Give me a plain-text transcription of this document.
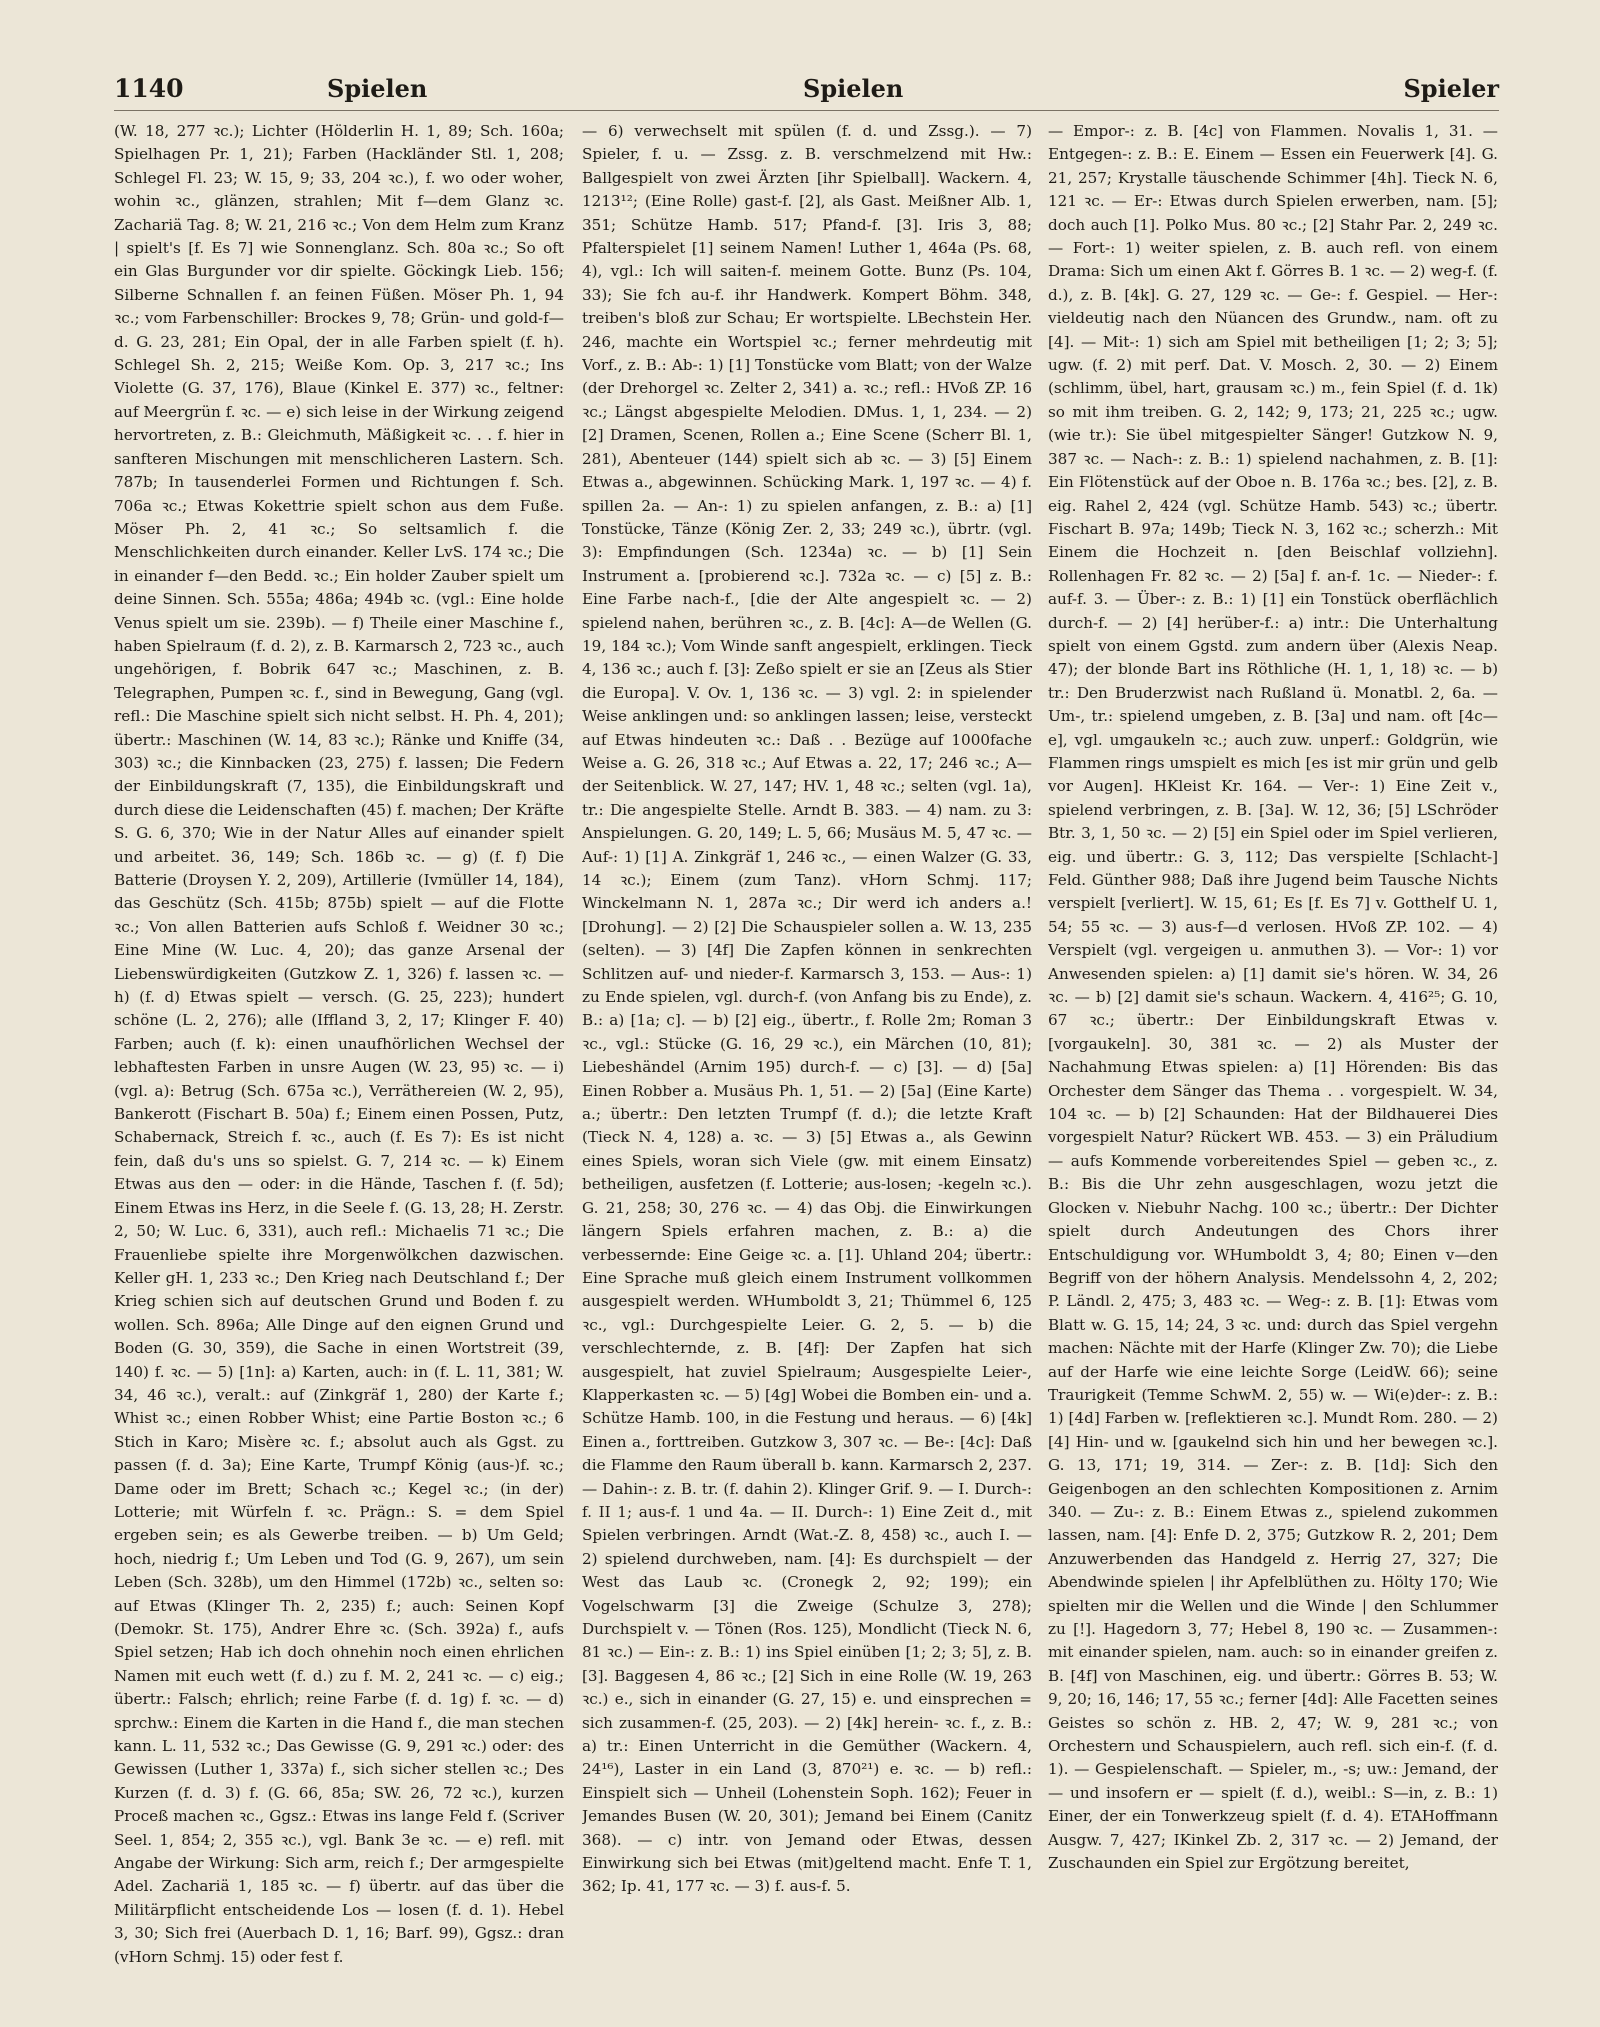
1140	Spielen	Spielen	Spieler

(W. 18, 277 ꝛc.); Lichter (Hölderlin H. 1, 89; Sch. 160a; Spielhagen Pr. 1, 21); Farben (Hackländer Stl. 1, 208; Schlegel Fl. 23; W. 15, 9; 33, 204 ꝛc.), f. wo oder woher, wohin ꝛc., glänzen, strahlen; Mit f—dem Glanz ꝛc. Zachariä Tag. 8; W. 21, 216 ꝛc.; Von dem Helm zum Kranz | spielt's [f. Es 7] wie Sonnenglanz. Sch. 80a ꝛc.; So oft ein Glas Burgunder vor dir spielte. Göckingk Lieb. 156; Silberne Schnallen f. an feinen Füßen. Möser Ph. 1, 94 ꝛc.; vom Farbenschiller: Brockes 9, 78; Grün- und gold-f—d. G. 23, 281; Ein Opal, der in alle Farben spielt (f. h). Schlegel Sh. 2, 215; Weiße Kom. Op. 3, 217 ꝛc.; Ins Violette (G. 37, 176), Blaue (Kinkel E. 377) ꝛc., feltner: auf Meergrün f. ꝛc. — e) sich leise in der Wirkung zeigend hervortreten, z. B.: Gleichmuth, Mäßigkeit ꝛc. . . f. hier in sanfteren Mischungen mit menschlicheren Lastern. Sch. 787b; In tausenderlei Formen und Richtungen f. Sch. 706a ꝛc.; Etwas Kokettrie spielt schon aus dem Fuße. Möser Ph. 2, 41 ꝛc.; So seltsamlich f. die Menschlichkeiten durch einander. Keller LvS. 174 ꝛc.; Die in einander f—den Bedd. ꝛc.; Ein holder Zauber spielt um deine Sinnen. Sch. 555a; 486a; 494b ꝛc. (vgl.: Eine holde Venus spielt um sie. 239b). — f) Theile einer Maschine f., haben Spielraum (f. d. 2), z. B. Karmarsch 2, 723 ꝛc., auch ungehörigen, f. Bobrik 647 ꝛc.; Maschinen, z. B. Telegraphen, Pumpen ꝛc. f., sind in Bewegung, Gang (vgl. refl.: Die Maschine spielt sich nicht selbst. H. Ph. 4, 201); übertr.: Maschinen (W. 14, 83 ꝛc.); Ränke und Kniffe (34, 303) ꝛc.; die Kinnbacken (23, 275) f. lassen; Die Federn der Einbildungskraft (7, 135), die Einbildungskraft und durch diese die Leidenschaften (45) f. machen; Der Kräfte S. G. 6, 370; Wie in der Natur Alles auf einander spielt und arbeitet. 36, 149; Sch. 186b ꝛc. — g) (f. f) Die Batterie (Droysen Y. 2, 209), Artillerie (Ivmüller 14, 184), das Geschütz (Sch. 415b; 875b) spielt — auf die Flotte ꝛc.; Von allen Batterien aufs Schloß f. Weidner 30 ꝛc.; Eine Mine (W. Luc. 4, 20); das ganze Arsenal der Liebenswürdigkeiten (Gutzkow Z. 1, 326) f. lassen ꝛc. — h) (f. d) Etwas spielt — versch. (G. 25, 223); hundert schöne (L. 2, 276); alle (Iffland 3, 2, 17; Klinger F. 40) Farben; auch (f. k): einen unaufhörlichen Wechsel der lebhaftesten Farben in unsre Augen (W. 23, 95) ꝛc. — i) (vgl. a): Betrug (Sch. 675a ꝛc.), Verräthereien (W. 2, 95), Bankerott (Fischart B. 50a) f.; Einem einen Possen, Putz, Schabernack, Streich f. ꝛc., auch (f. Es 7): Es ist nicht fein, daß du's uns so spielst. G. 7, 214 ꝛc. — k) Einem Etwas aus den — oder: in die Hände, Taschen f. (f. 5d); Einem Etwas ins Herz, in die Seele f. (G. 13, 28; H. Zerstr. 2, 50; W. Luc. 6, 331), auch refl.: Michaelis 71 ꝛc.; Die Frauenliebe spielte ihre Morgenwölkchen dazwischen. Keller gH. 1, 233 ꝛc.; Den Krieg nach Deutschland f.; Der Krieg schien sich auf deutschen Grund und Boden f. zu wollen. Sch. 896a; Alle Dinge auf den eignen Grund und Boden (G. 30, 359), die Sache in einen Wortstreit (39, 140) f. ꝛc. — 5) [1n]: a) Karten, auch: in (f. L. 11, 381; W. 34, 46 ꝛc.), veralt.: auf (Zinkgräf 1, 280) der Karte f.; Whist ꝛc.; einen Robber Whist; eine Partie Boston ꝛc.; 6 Stich in Karo; Misère ꝛc. f.; absolut auch als Ggst. zu passen (f. d. 3a); Eine Karte, Trumpf König (aus-)f. ꝛc.; Dame oder im Brett; Schach ꝛc.; Kegel ꝛc.; (in der) Lotterie; mit Würfeln f. ꝛc. Prägn.: S. = dem Spiel ergeben sein; es als Gewerbe treiben. — b) Um Geld; hoch, niedrig f.; Um Leben und Tod (G. 9, 267), um sein Leben (Sch. 328b), um den Himmel (172b) ꝛc., selten so: auf Etwas (Klinger Th. 2, 235) f.; auch: Seinen Kopf (Demokr. St. 175), Andrer Ehre ꝛc. (Sch. 392a) f., aufs Spiel setzen; Hab ich doch ohnehin noch einen ehrlichen Namen mit euch wett (f. d.) zu f. M. 2, 241 ꝛc. — c) eig.; übertr.: Falsch; ehrlich; reine Farbe (f. d. 1g) f. ꝛc. — d) sprchw.: Einem die Karten in die Hand f., die man stechen kann. L. 11, 532 ꝛc.; Das Gewisse (G. 9, 291 ꝛc.) oder: des Gewissen (Luther 1, 337a) f., sich sicher stellen ꝛc.; Des Kurzen (f. d. 3) f. (G. 66, 85a; SW. 26, 72 ꝛc.), kurzen Proceß machen ꝛc., Ggsz.: Etwas ins lange Feld f. (Scriver Seel. 1, 854; 2, 355 ꝛc.), vgl. Bank 3e ꝛc. — e) refl. mit Angabe der Wirkung: Sich arm, reich f.; Der armgespielte Adel. Zachariä 1, 185 ꝛc. — f) übertr. auf das über die Militärpflicht entscheidende Los — losen (f. d. 1). Hebel 3, 30; Sich frei (Auerbach D. 1, 16; Barf. 99), Ggsz.: dran (vHorn Schmj. 15) oder fest f.

— 6) verwechselt mit spülen (f. d. und Zssg.). — 7) Spieler, f. u. — Zssg. z. B. verschmelzend mit Hw.: Ballgespielt von zwei Ärzten [ihr Spielball]. Wackern. 4, 1213¹²; (Eine Rolle) gast-f. [2], als Gast. Meißner Alb. 1, 351; Schütze Hamb. 517; Pfand-f. [3]. Iris 3, 88; Pfalterspielet [1] seinem Namen! Luther 1, 464a (Ps. 68, 4), vgl.: Ich will saiten-f. meinem Gotte. Bunz (Ps. 104, 33); Sie fch au-f. ihr Handwerk. Kompert Böhm. 348, treiben's bloß zur Schau; Er wortspielte. LBechstein Her. 246, machte ein Wortspiel ꝛc.; ferner mehrdeutig mit Vorf., z. B.: Ab-: 1) [1] Tonstücke vom Blatt; von der Walze (der Drehorgel ꝛc. Zelter 2, 341) a. ꝛc.; refl.: HVoß ZP. 16 ꝛc.; Längst abgespielte Melodien. DMus. 1, 1, 234. — 2) [2] Dramen, Scenen, Rollen a.; Eine Scene (Scherr Bl. 1, 281), Abenteuer (144) spielt sich ab ꝛc. — 3) [5] Einem Etwas a., abgewinnen. Schücking Mark. 1, 197 ꝛc. — 4) f. spillen 2a. — An-: 1) zu spielen anfangen, z. B.: a) [1] Tonstücke, Tänze (König Zer. 2, 33; 249 ꝛc.), übrtr. (vgl. 3): Empfindungen (Sch. 1234a) ꝛc. — b) [1] Sein Instrument a. [probierend ꝛc.]. 732a ꝛc. — c) [5] z. B.: Eine Farbe nach-f., [die der Alte angespielt ꝛc. — 2) spielend nahen, berühren ꝛc., z. B. [4c]: A—de Wellen (G. 19, 184 ꝛc.); Vom Winde sanft angespielt, erklingen. Tieck 4, 136 ꝛc.; auch f. [3]: Zeßo spielt er sie an [Zeus als Stier die Europa]. V. Ov. 1, 136 ꝛc. — 3) vgl. 2: in spielender Weise anklingen und: so anklingen lassen; leise, versteckt auf Etwas hindeuten ꝛc.: Daß . . Bezüge auf 1000fache Weise a. G. 26, 318 ꝛc.; Auf Etwas a. 22, 17; 246 ꝛc.; A—der Seitenblick. W. 27, 147; HV. 1, 48 ꝛc.; selten (vgl. 1a), tr.: Die angespielte Stelle. Arndt B. 383. — 4) nam. zu 3: Anspielungen. G. 20, 149; L. 5, 66; Musäus M. 5, 47 ꝛc. — Auf-: 1) [1] A. Zinkgräf 1, 246 ꝛc., — einen Walzer (G. 33, 14 ꝛc.); Einem (zum Tanz). vHorn Schmj. 117; Winckelmann N. 1, 287a ꝛc.; Dir werd ich anders a.! [Drohung]. — 2) [2] Die Schauspieler sollen a. W. 13, 235 (selten). — 3) [4f] Die Zapfen können in senkrechten Schlitzen auf- und nieder-f. Karmarsch 3, 153. — Aus-: 1) zu Ende spielen, vgl. durch-f. (von Anfang bis zu Ende), z. B.: a) [1a; c]. — b) [2] eig., übertr., f. Rolle 2m; Roman 3 ꝛc., vgl.: Stücke (G. 16, 29 ꝛc.), ein Märchen (10, 81); Liebeshändel (Arnim 195) durch-f. — c) [3]. — d) [5a] Einen Robber a. Musäus Ph. 1, 51. — 2) [5a] (Eine Karte) a.; übertr.: Den letzten Trumpf (f. d.); die letzte Kraft (Tieck N. 4, 128) a. ꝛc. — 3) [5] Etwas a., als Gewinn eines Spiels, woran sich Viele (gw. mit einem Einsatz) betheiligen, ausfetzen (f. Lotterie; aus-losen; -kegeln ꝛc.). G. 21, 258; 30, 276 ꝛc. — 4) das Obj. die Einwirkungen längern Spiels erfahren machen, z. B.: a) die verbessernde: Eine Geige ꝛc. a. [1]. Uhland 204; übertr.: Eine Sprache muß gleich einem Instrument vollkommen ausgespielt werden. WHumboldt 3, 21; Thümmel 6, 125 ꝛc., vgl.: Durchgespielte Leier. G. 2, 5. — b) die verschlechternde, z. B. [4f]: Der Zapfen hat sich ausgespielt, hat zuviel Spielraum; Ausgespielte Leier-, Klapperkasten ꝛc. — 5) [4g] Wobei die Bomben ein- und a. Schütze Hamb. 100, in die Festung und heraus. — 6) [4k] Einen a., forttreiben. Gutzkow 3, 307 ꝛc. — Be-: [4c]: Daß die Flamme den Raum überall b. kann. Karmarsch 2, 237. — Dahin-: z. B. tr. (f. dahin 2). Klinger Grif. 9. — I. Durch-: f. II 1; aus-f. 1 und 4a. — II. Durch-: 1) Eine Zeit d., mit Spielen verbringen. Arndt (Wat.-Z. 8, 458) ꝛc., auch I. — 2) spielend durchweben, nam. [4]: Es durchspielt — der West das Laub ꝛc. (Cronegk 2, 92; 199); ein Vogelschwarm [3] die Zweige (Schulze 3, 278); Durchspielt v. — Tönen (Ros. 125), Mondlicht (Tieck N. 6, 81 ꝛc.) — Ein-: z. B.: 1) ins Spiel einüben [1; 2; 3; 5], z. B. [3]. Baggesen 4, 86 ꝛc.; [2] Sich in eine Rolle (W. 19, 263 ꝛc.) e., sich in einander (G. 27, 15) e. und einsprechen = sich zusammen-f. (25, 203). — 2) [4k] herein- ꝛc. f., z. B.: a) tr.: Einen Unterricht in die Gemüther (Wackern. 4, 24¹⁶), Laster in ein Land (3, 870²¹) e. ꝛc. — b) refl.: Einspielt sich — Unheil (Lohenstein Soph. 162); Feuer in Jemandes Busen (W. 20, 301); Jemand bei Einem (Canitz 368). — c) intr. von Jemand oder Etwas, dessen Einwirkung sich bei Etwas (mit)geltend macht. Enfe T. 1, 362; Ip. 41, 177 ꝛc. — 3) f. aus-f. 5.

— Empor-: z. B. [4c] von Flammen. Novalis 1, 31. — Entgegen-: z. B.: E. Einem — Essen ein Feuerwerk [4]. G. 21, 257; Krystalle täuschende Schimmer [4h]. Tieck N. 6, 121 ꝛc. — Er-: Etwas durch Spielen erwerben, nam. [5]; doch auch [1]. Polko Mus. 80 ꝛc.; [2] Stahr Par. 2, 249 ꝛc. — Fort-: 1) weiter spielen, z. B. auch refl. von einem Drama: Sich um einen Akt f. Görres B. 1 ꝛc. — 2) weg-f. (f. d.), z. B. [4k]. G. 27, 129 ꝛc. — Ge-: f. Gespiel. — Her-: vieldeutig nach den Nüancen des Grundw., nam. oft zu [4]. — Mit-: 1) sich am Spiel mit betheiligen [1; 2; 3; 5]; ugw. (f. 2) mit perf. Dat. V. Mosch. 2, 30. — 2) Einem (schlimm, übel, hart, grausam ꝛc.) m., fein Spiel (f. d. 1k) so mit ihm treiben. G. 2, 142; 9, 173; 21, 225 ꝛc.; ugw. (wie tr.): Sie übel mitgespielter Sänger! Gutzkow N. 9, 387 ꝛc. — Nach-: z. B.: 1) spielend nachahmen, z. B. [1]: Ein Flötenstück auf der Oboe n. B. 176a ꝛc.; bes. [2], z. B. eig. Rahel 2, 424 (vgl. Schütze Hamb. 543) ꝛc.; übertr. Fischart B. 97a; 149b; Tieck N. 3, 162 ꝛc.; scherzh.: Mit Einem die Hochzeit n. [den Beischlaf vollziehn]. Rollenhagen Fr. 82 ꝛc. — 2) [5a] f. an-f. 1c. — Nieder-: f. auf-f. 3. — Über-: z. B.: 1) [1] ein Tonstück oberflächlich durch-f. — 2) [4] herüber-f.: a) intr.: Die Unterhaltung spielt von einem Ggstd. zum andern über (Alexis Neap. 47); der blonde Bart ins Röthliche (H. 1, 1, 18) ꝛc. — b) tr.: Den Bruderzwist nach Rußland ü. Monatbl. 2, 6a. — Um-, tr.: spielend umgeben, z. B. [3a] und nam. oft [4c—e], vgl. umgaukeln ꝛc.; auch zuw. unperf.: Goldgrün, wie Flammen rings umspielt es mich [es ist mir grün und gelb vor Augen]. HKleist Kr. 164. — Ver-: 1) Eine Zeit v., spielend verbringen, z. B. [3a]. W. 12, 36; [5] LSchröder Btr. 3, 1, 50 ꝛc. — 2) [5] ein Spiel oder im Spiel verlieren, eig. und übertr.: G. 3, 112; Das verspielte [Schlacht-] Feld. Günther 988; Daß ihre Jugend beim Tausche Nichts verspielt [verliert]. W. 15, 61; Es [f. Es 7] v. Gotthelf U. 1, 54; 55 ꝛc. — 3) aus-f—d verlosen. HVoß ZP. 102. — 4) Verspielt (vgl. vergeigen u. anmuthen 3). — Vor-: 1) vor Anwesenden spielen: a) [1] damit sie's hören. W. 34, 26 ꝛc. — b) [2] damit sie's schaun. Wackern. 4, 416²⁵; G. 10, 67 ꝛc.; übertr.: Der Einbildungskraft Etwas v. [vorgaukeln]. 30, 381 ꝛc. — 2) als Muster der Nachahmung Etwas spielen: a) [1] Hörenden: Bis das Orchester dem Sänger das Thema . . vorgespielt. W. 34, 104 ꝛc. — b) [2] Schaunden: Hat der Bildhauerei Dies vorgespielt Natur? Rückert WB. 453. — 3) ein Präludium — aufs Kommende vorbereitendes Spiel — geben ꝛc., z. B.: Bis die Uhr zehn ausgeschlagen, wozu jetzt die Glocken v. Niebuhr Nachg. 100 ꝛc.; übertr.: Der Dichter spielt durch Andeutungen des Chors ihrer Entschuldigung vor. WHumboldt 3, 4; 80; Einen v—den Begriff von der höhern Analysis. Mendelssohn 4, 2, 202; P. Ländl. 2, 475; 3, 483 ꝛc. — Weg-: z. B. [1]: Etwas vom Blatt w. G. 15, 14; 24, 3 ꝛc. und: durch das Spiel vergehn machen: Nächte mit der Harfe (Klinger Zw. 70); die Liebe auf der Harfe wie eine leichte Sorge (LeidW. 66); seine Traurigkeit (Temme SchwM. 2, 55) w. — Wi(e)der-: z. B.: 1) [4d] Farben w. [reflektieren ꝛc.]. Mundt Rom. 280. — 2) [4] Hin- und w. [gaukelnd sich hin und her bewegen ꝛc.]. G. 13, 171; 19, 314. — Zer-: z. B. [1d]: Sich den Geigenbogen an den schlechten Kompositionen z. Arnim 340. — Zu-: z. B.: Einem Etwas z., spielend zukommen lassen, nam. [4]: Enfe D. 2, 375; Gutzkow R. 2, 201; Dem Anzuwerbenden das Handgeld z. Herrig 27, 327; Die Abendwinde spielen | ihr Apfelblüthen zu. Hölty 170; Wie spielten mir die Wellen und die Winde | den Schlummer zu [!]. Hagedorn 3, 77; Hebel 8, 190 ꝛc. — Zusammen-: mit einander spielen, nam. auch: so in einander greifen z. B. [4f] von Maschinen, eig. und übertr.: Görres B. 53; W. 9, 20; 16, 146; 17, 55 ꝛc.; ferner [4d]: Alle Facetten seines Geistes so schön z. HB. 2, 47; W. 9, 281 ꝛc.; von Orchestern und Schauspielern, auch refl. sich ein-f. (f. d. 1). — Gespielenschaft. — Spieler, m., -s; uw.: Jemand, der — und insofern er — spielt (f. d.), weibl.: S—in, z. B.: 1) Einer, der ein Tonwerkzeug spielt (f. d. 4). ETAHoffmann Ausgw. 7, 427; IKinkel Zb. 2, 317 ꝛc. — 2) Jemand, der Zuschaunden ein Spiel zur Ergötzung bereitet,
